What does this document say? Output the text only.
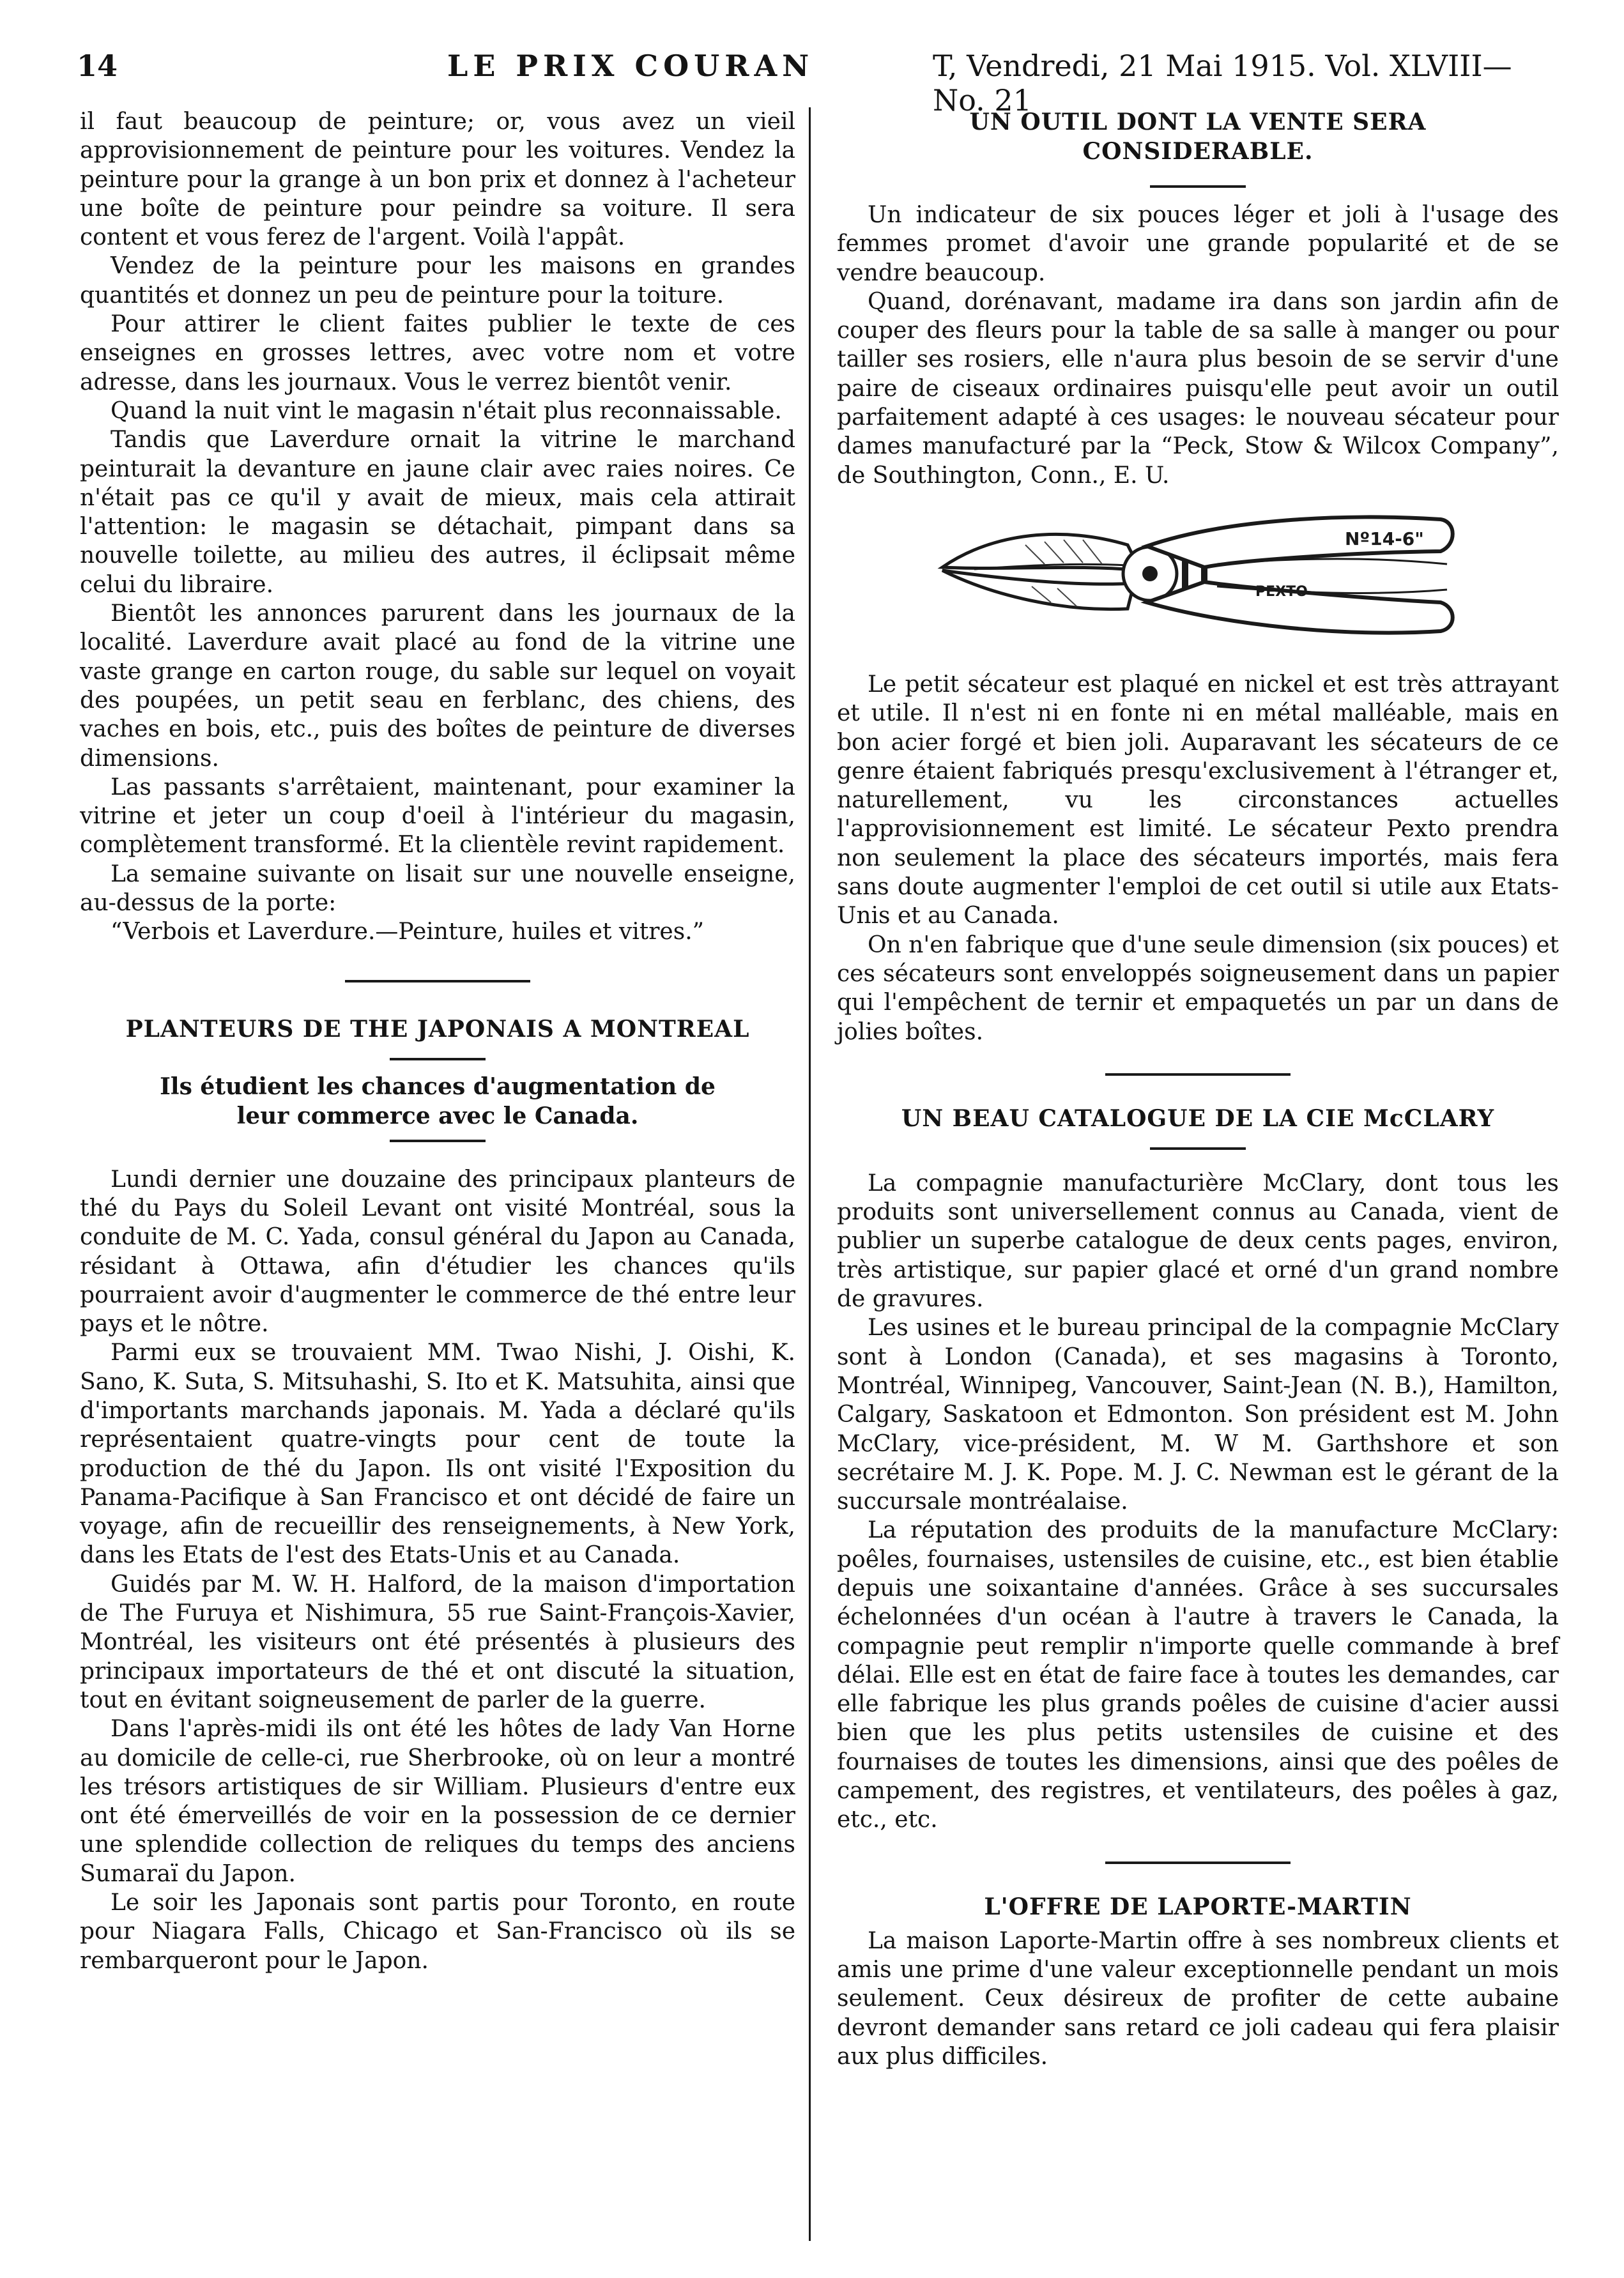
14	LE PRIX COURAN	T, Vendredi, 21 Mai 1915. Vol. XLVIII—No. 21

il faut beaucoup de peinture; or, vous avez un vieil approvisionnement de peinture pour les voitures. Vendez la peinture pour la grange à un bon prix et donnez à l'acheteur une boîte de peinture pour peindre sa voiture. Il sera content et vous ferez de l'argent. Voilà l'appât.

Vendez de la peinture pour les maisons en grandes quantités et donnez un peu de peinture pour la toiture.

Pour attirer le client faites publier le texte de ces enseignes en grosses lettres, avec votre nom et votre adresse, dans les journaux. Vous le verrez bientôt venir.

Quand la nuit vint le magasin n'était plus reconnaissable.

Tandis que Laverdure ornait la vitrine le marchand peinturait la devanture en jaune clair avec raies noires. Ce n'était pas ce qu'il y avait de mieux, mais cela attirait l'attention: le magasin se détachait, pimpant dans sa nouvelle toilette, au milieu des autres, il éclipsait même celui du libraire.

Bientôt les annonces parurent dans les journaux de la localité. Laverdure avait placé au fond de la vitrine une vaste grange en carton rouge, du sable sur lequel on voyait des poupées, un petit seau en ferblanc, des chiens, des vaches en bois, etc., puis des boîtes de peinture de diverses dimensions.

Las passants s'arrêtaient, maintenant, pour examiner la vitrine et jeter un coup d'oeil à l'intérieur du magasin, complètement transformé. Et la clientèle revint rapidement.

La semaine suivante on lisait sur une nouvelle enseigne, au-dessus de la porte:

“Verbois et Laverdure.—Peinture, huiles et vitres.”

PLANTEURS DE THE JAPONAIS A MONTREAL
Ils étudient les chances d'augmentation de leur commerce avec le Canada.

Lundi dernier une douzaine des principaux planteurs de thé du Pays du Soleil Levant ont visité Montréal, sous la conduite de M. C. Yada, consul général du Japon au Canada, résidant à Ottawa, afin d'étudier les chances qu'ils pourraient avoir d'augmenter le commerce de thé entre leur pays et le nôtre.

Parmi eux se trouvaient MM. Twao Nishi, J. Oishi, K. Sano, K. Suta, S. Mitsuhashi, S. Ito et K. Matsuhita, ainsi que d'importants marchands japonais. M. Yada a déclaré qu'ils représentaient quatre-vingts pour cent de toute la production de thé du Japon. Ils ont visité l'Exposition du Panama-Pacifique à San Francisco et ont décidé de faire un voyage, afin de recueillir des renseignements, à New York, dans les Etats de l'est des Etats-Unis et au Canada.

Guidés par M. W. H. Halford, de la maison d'importation de The Furuya et Nishimura, 55 rue Saint-François-Xavier, Montréal, les visiteurs ont été présentés à plusieurs des principaux importateurs de thé et ont discuté la situation, tout en évitant soigneusement de parler de la guerre.

Dans l'après-midi ils ont été les hôtes de lady Van Horne au domicile de celle-ci, rue Sherbrooke, où on leur a montré les trésors artistiques de sir William. Plusieurs d'entre eux ont été émerveillés de voir en la possession de ce dernier une splendide collection de reliques du temps des anciens Sumaraï du Japon.

Le soir les Japonais sont partis pour Toronto, en route pour Niagara Falls, Chicago et San-Francisco où ils se rembarqueront pour le Japon.

UN OUTIL DONT LA VENTE SERA CONSIDERABLE.

Un indicateur de six pouces léger et joli à l'usage des femmes promet d'avoir une grande popularité et de se vendre beaucoup.

Quand, dorénavant, madame ira dans son jardin afin de couper des fleurs pour la table de sa salle à manger ou pour tailler ses rosiers, elle n'aura plus besoin de se servir d'une paire de ciseaux ordinaires puisqu'elle peut avoir un outil parfaitement adapté à ces usages: le nouveau sécateur pour dames manufacturé par la “Peck, Stow & Wilcox Company”, de Southington, Conn., E. U.

Nº14-6"
PEXTO

Le petit sécateur est plaqué en nickel et est très attrayant et utile. Il n'est ni en fonte ni en métal malléable, mais en bon acier forgé et bien joli. Auparavant les sécateurs de ce genre étaient fabriqués presqu'exclusivement à l'étranger et, naturellement, vu les circonstances actuelles l'approvisionnement est limité. Le sécateur Pexto prendra non seulement la place des sécateurs importés, mais fera sans doute augmenter l'emploi de cet outil si utile aux Etats-Unis et au Canada.

On n'en fabrique que d'une seule dimension (six pouces) et ces sécateurs sont enveloppés soigneusement dans un papier qui l'empêchent de ternir et empaquetés un par un dans de jolies boîtes.

UN BEAU CATALOGUE DE LA CIE McCLARY

La compagnie manufacturière McClary, dont tous les produits sont universellement connus au Canada, vient de publier un superbe catalogue de deux cents pages, environ, très artistique, sur papier glacé et orné d'un grand nombre de gravures.

Les usines et le bureau principal de la compagnie McClary sont à London (Canada), et ses magasins à Toronto, Montréal, Winnipeg, Vancouver, Saint-Jean (N. B.), Hamilton, Calgary, Saskatoon et Edmonton. Son président est M. John McClary, vice-président, M. W M. Garthshore et son secrétaire M. J. K. Pope. M. J. C. Newman est le gérant de la succursale montréalaise.

La réputation des produits de la manufacture McClary: poêles, fournaises, ustensiles de cuisine, etc., est bien établie depuis une soixantaine d'années. Grâce à ses succursales échelonnées d'un océan à l'autre à travers le Canada, la compagnie peut remplir n'importe quelle commande à bref délai. Elle est en état de faire face à toutes les demandes, car elle fabrique les plus grands poêles de cuisine d'acier aussi bien que les plus petits ustensiles de cuisine et des fournaises de toutes les dimensions, ainsi que des poêles de campement, des registres, et ventilateurs, des poêles à gaz, etc., etc.

L'OFFRE DE LAPORTE-MARTIN

La maison Laporte-Martin offre à ses nombreux clients et amis une prime d'une valeur exceptionnelle pendant un mois seulement. Ceux désireux de profiter de cette aubaine devront demander sans retard ce joli cadeau qui fera plaisir aux plus difficiles.
